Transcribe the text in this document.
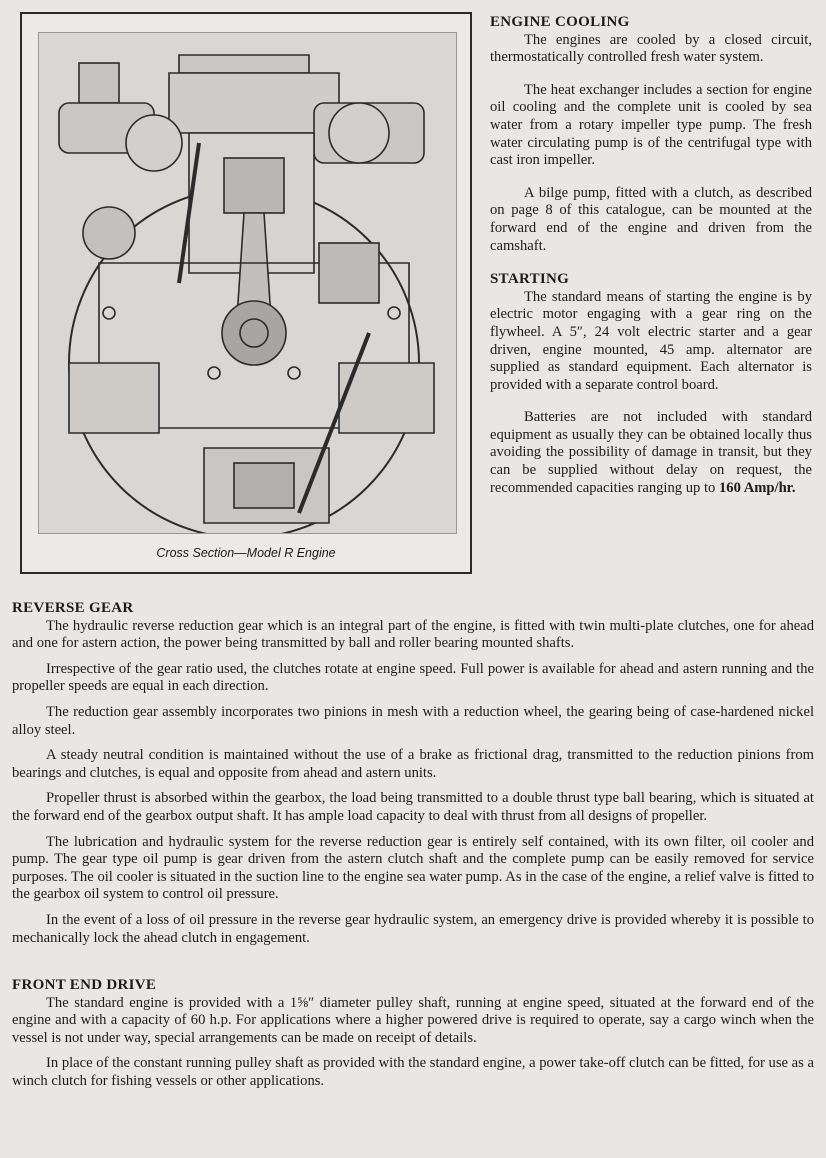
Cross Section—Model R Engine
ENGINE COOLING

The engines are cooled by a closed circuit, thermostatically controlled fresh water system.

The heat exchanger includes a section for engine oil cooling and the complete unit is cooled by sea water from a rotary impeller type pump. The fresh water circulating pump is of the centrifugal type with cast iron impeller.

A bilge pump, fitted with a clutch, as described on page 8 of this catalogue, can be mounted at the forward end of the engine and driven from the camshaft.

STARTING

The standard means of starting the engine is by electric motor engaging with a gear ring on the flywheel. A 5″, 24 volt electric starter and a gear driven, engine mounted, 45 amp. alternator are supplied as standard equipment. Each alternator is provided with a separate control board.

Batteries are not included with standard equipment as usually they can be obtained locally thus avoiding the possibility of damage in transit, but they can be supplied without delay on request, the recommended capacities ranging up to 160 Amp/hr.

REVERSE GEAR

The hydraulic reverse reduction gear which is an integral part of the engine, is fitted with twin multi-plate clutches, one for ahead and one for astern action, the power being transmitted by ball and roller bearing mounted shafts.

Irrespective of the gear ratio used, the clutches rotate at engine speed. Full power is available for ahead and astern running and the propeller speeds are equal in each direction.

The reduction gear assembly incorporates two pinions in mesh with a reduction wheel, the gearing being of case-hardened nickel alloy steel.

A steady neutral condition is maintained without the use of a brake as frictional drag, transmitted to the reduction pinions from bearings and clutches, is equal and opposite from ahead and astern units.

Propeller thrust is absorbed within the gearbox, the load being transmitted to a double thrust type ball bearing, which is situated at the forward end of the gearbox output shaft. It has ample load capacity to deal with thrust from all designs of propeller.

The lubrication and hydraulic system for the reverse reduction gear is entirely self contained, with its own filter, oil cooler and pump. The gear type oil pump is gear driven from the astern clutch shaft and the complete pump can be easily removed for service purposes. The oil cooler is situated in the suction line to the engine sea water pump. As in the case of the engine, a relief valve is fitted to the gearbox oil system to control oil pressure.

In the event of a loss of oil pressure in the reverse gear hydraulic system, an emergency drive is provided whereby it is possible to mechanically lock the ahead clutch in engagement.

FRONT END DRIVE

The standard engine is provided with a 1⅝″ diameter pulley shaft, running at engine speed, situated at the forward end of the engine and with a capacity of 60 h.p. For applications where a higher powered drive is required to operate, say a cargo winch when the vessel is not under way, special arrangements can be made on receipt of details.

In place of the constant running pulley shaft as provided with the standard engine, a power take-off clutch can be fitted, for use as a winch clutch for fishing vessels or other applications.
